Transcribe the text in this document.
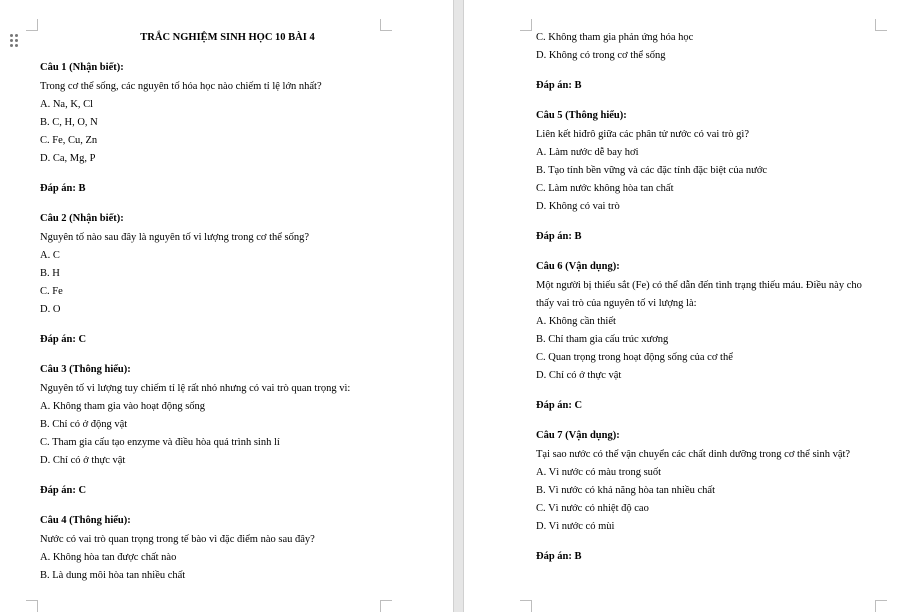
TRẮC NGHIỆM SINH HỌC 10 BÀI 4
Câu 1 (Nhận biết):
Trong cơ thể sống, các nguyên tố hóa học nào chiếm tỉ lệ lớn nhất?
A. Na, K, Cl
B. C, H, O, N
C. Fe, Cu, Zn
D. Ca, Mg, P
Đáp án: B
Câu 2 (Nhận biết):
Nguyên tố nào sau đây là nguyên tố vi lượng trong cơ thể sống?
A. C
B. H
C. Fe
D. O
Đáp án: C
Câu 3 (Thông hiểu):
Nguyên tố vi lượng tuy chiếm tỉ lệ rất nhỏ nhưng có vai trò quan trọng vì:
A. Không tham gia vào hoạt động sống
B. Chỉ có ở động vật
C. Tham gia cấu tạo enzyme và điều hòa quá trình sinh lí
D. Chỉ có ở thực vật
Đáp án: C
Câu 4 (Thông hiểu):
Nước có vai trò quan trọng trong tế bào vì đặc điểm nào sau đây?
A. Không hòa tan được chất nào
B. Là dung môi hòa tan nhiều chất
C. Không tham gia phản ứng hóa học
D. Không có trong cơ thể sống
Đáp án: B
Câu 5 (Thông hiểu):
Liên kết hiđrô giữa các phân tử nước có vai trò gì?
A. Làm nước dễ bay hơi
B. Tạo tính bền vững và các đặc tính đặc biệt của nước
C. Làm nước không hòa tan chất
D. Không có vai trò
Đáp án: B
Câu 6 (Vận dụng):
Một người bị thiếu sắt (Fe) có thể dẫn đến tình trạng thiếu máu. Điều này cho thấy vai trò của nguyên tố vi lượng là:
A. Không cần thiết
B. Chỉ tham gia cấu trúc xương
C. Quan trọng trong hoạt động sống của cơ thể
D. Chỉ có ở thực vật
Đáp án: C
Câu 7 (Vận dụng):
Tại sao nước có thể vận chuyển các chất dinh dưỡng trong cơ thể sinh vật?
A. Vì nước có màu trong suốt
B. Vì nước có khả năng hòa tan nhiều chất
C. Vì nước có nhiệt độ cao
D. Vì nước có mùi
Đáp án: B
